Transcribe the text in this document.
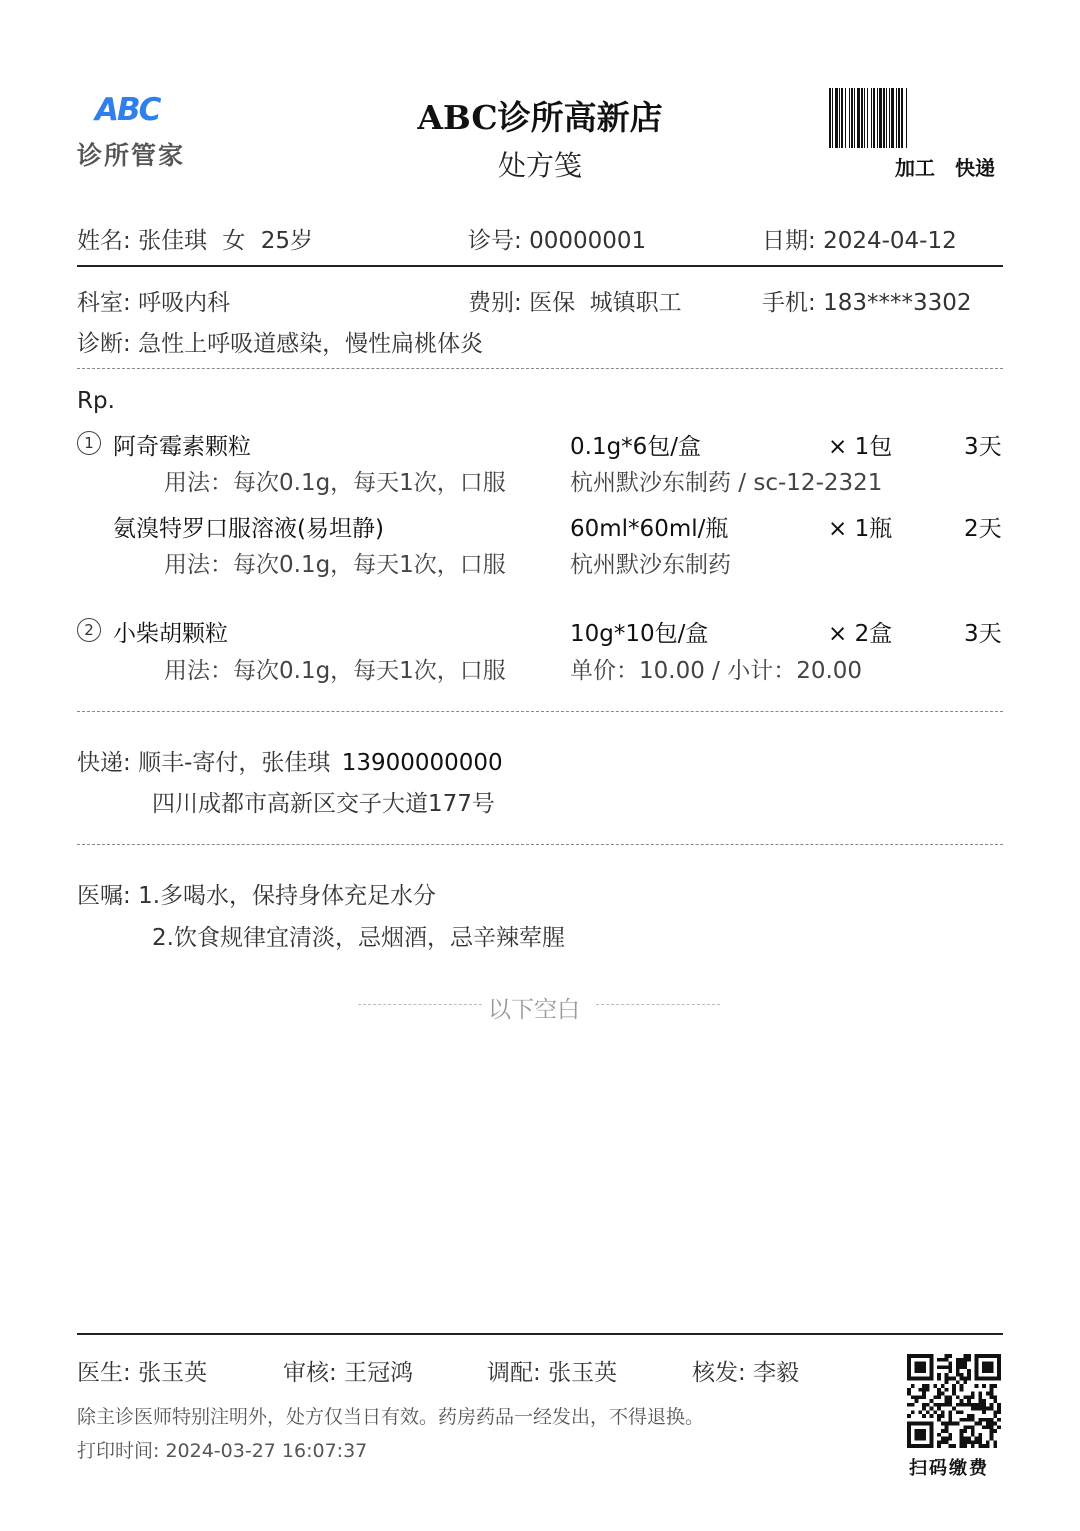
ABC
诊所管家
ABC诊所高新店
处方笺	加工 快递
姓名: 张佳琪 女 25岁	诊号: 00000001	日期: 2024-04-12
科室: 呼吸内科	费别: 医保  城镇职工	手机: 183****3302
诊断: 急性上呼吸道感染，慢性扁桃体炎
Rp.
1 阿奇霉素颗粒	0.1g*6包/盒	× 1包	3天
用法：每次0.1g，每天1次，口服	杭州默沙东制药 / sc-12-2321
氨溴特罗口服溶液(易坦静)	60ml*60ml/瓶	× 1瓶	2天
用法：每次0.1g，每天1次，口服	杭州默沙东制药
2 小柴胡颗粒	10g*10包/盒	× 2盒	3天
用法：每次0.1g，每天1次，口服	单价：10.00 / 小计：20.00
快递: 顺丰-寄付，张佳琪 13900000000
四川成都市高新区交子大道177号
医嘱: 1.多喝水，保持身体充足水分
2.饮食规律宜清淡，忌烟酒，忌辛辣荤腥
以下空白
医生: 张玉英	审核: 王冠鸿	调配: 张玉英	核发: 李毅
除主诊医师特别注明外，处方仅当日有效。药房药品一经发出，不得退换。
打印时间: 2024-03-27 16:07:37
扫码缴费
